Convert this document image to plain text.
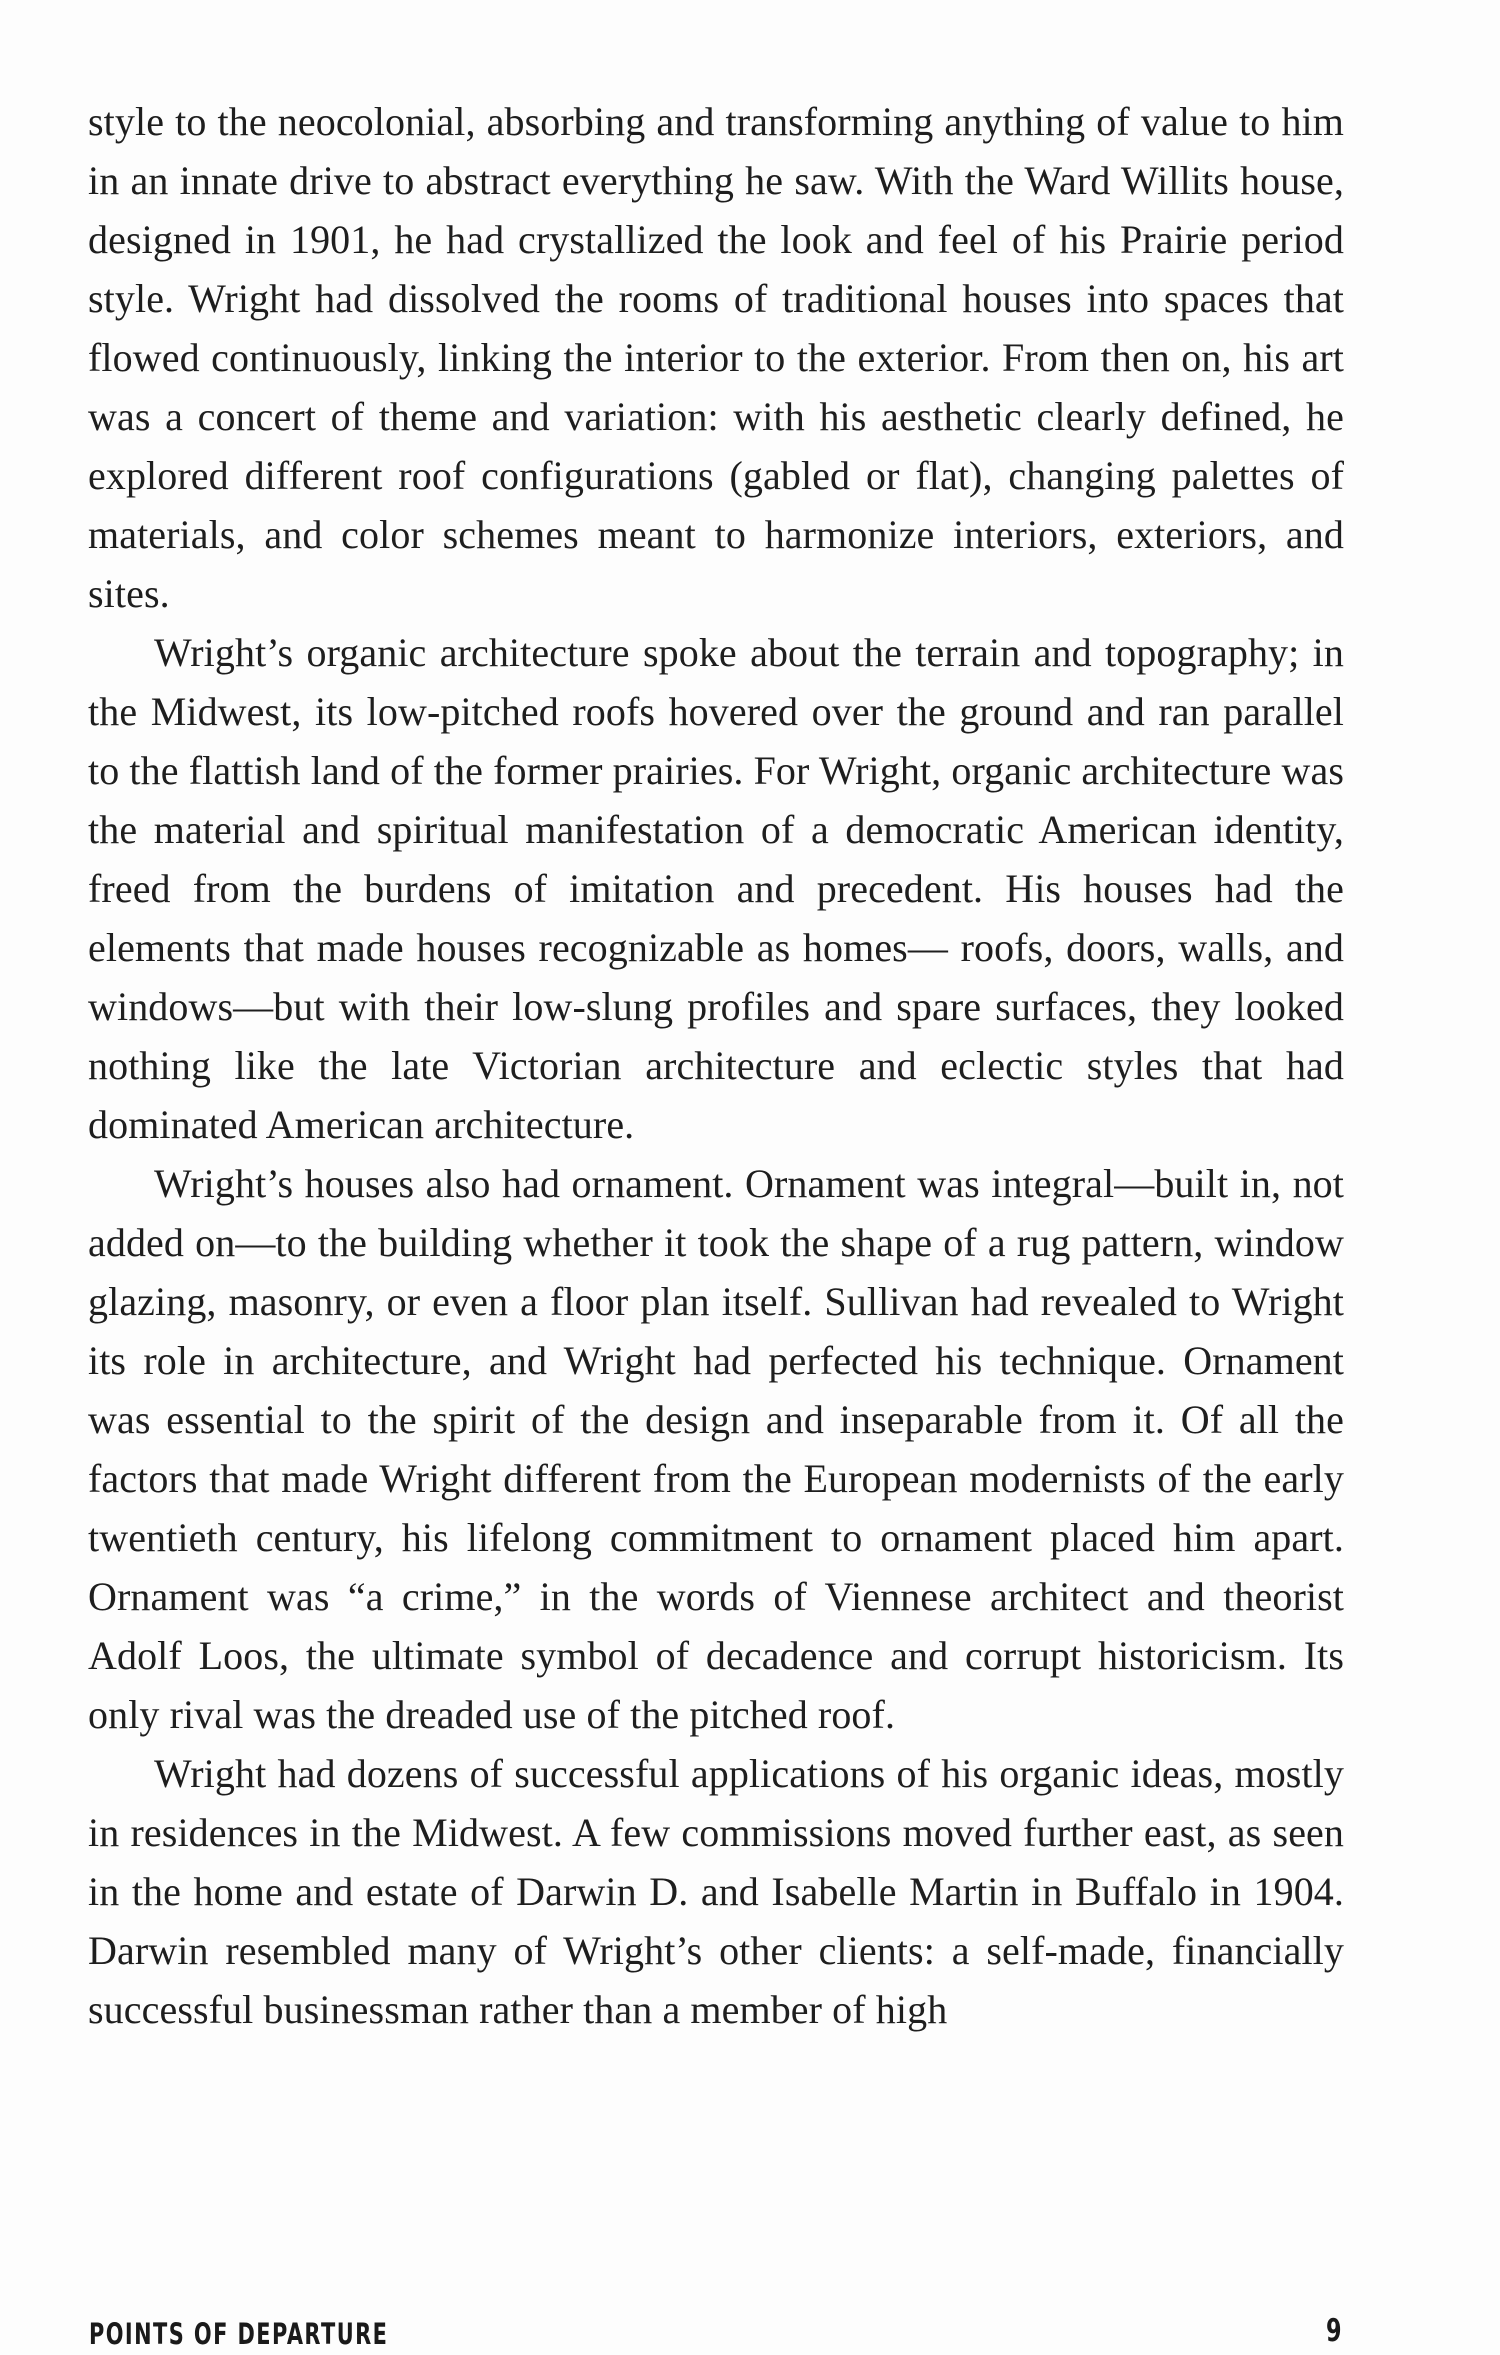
style to the neocolonial, absorbing and transforming anything of value to him in an innate drive to abstract everything he saw. With the Ward Willits house, designed in 1901, he had crystallized the look and feel of his Prairie period style. Wright had dissolved the rooms of traditional houses into spaces that flowed continuously, linking the interior to the exterior. From then on, his art was a concert of theme and variation: with his aesthetic clearly defined, he explored different roof configurations (gabled or flat), changing palettes of materials, and color schemes meant to harmonize interiors, exteriors, and sites.

Wright’s organic architecture spoke about the terrain and topography; in the Midwest, its low-pitched roofs hovered over the ground and ran parallel to the flattish land of the former prairies. For Wright, organic architecture was the material and spiritual manifestation of a democratic American identity, freed from the burdens of imitation and precedent. His houses had the elements that made houses recognizable as homes— roofs, doors, walls, and windows—but with their low-slung profiles and spare surfaces, they looked nothing like the late Victorian architecture and eclectic styles that had dominated American architecture.

Wright’s houses also had ornament. Ornament was integral—built in, not added on—to the building whether it took the shape of a rug pattern, window glazing, masonry, or even a floor plan itself. Sullivan had revealed to Wright its role in architecture, and Wright had perfected his technique. Ornament was essential to the spirit of the design and inseparable from it. Of all the factors that made Wright different from the European modernists of the early twentieth century, his lifelong commitment to ornament placed him apart. Ornament was “a crime,” in the words of Viennese architect and theorist Adolf Loos, the ultimate symbol of decadence and corrupt historicism. Its only rival was the dreaded use of the pitched roof.

Wright had dozens of successful applications of his organic ideas, mostly in residences in the Midwest. A few commissions moved further east, as seen in the home and estate of Darwin D. and Isabelle Martin in Buffalo in 1904. Darwin resembled many of Wright’s other clients: a self-made, financially successful businessman rather than a member of high

POINTS OF DEPARTURE	9
